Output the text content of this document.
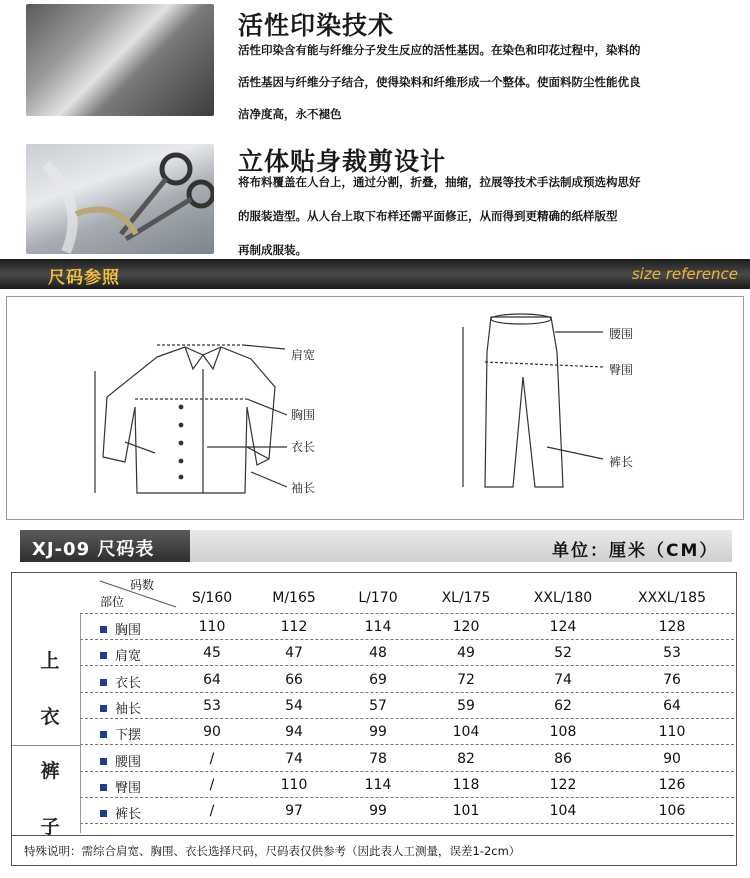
活性印染技术
活性印染含有能与纤维分子发生反应的活性基因。在染色和印花过程中，染料的
活性基因与纤维分子结合，使得染料和纤维形成一个整体。使面料防尘性能优良
洁净度高，永不褪色
立体贴身裁剪设计
将布料覆盖在人台上，通过分割，折叠，抽缩，拉展等技术手法制成预选构思好
的服装造型。从人台上取下布样还需平面修正，从而得到更精确的纸样版型
再制成服装。
尺码参照	size reference
肩宽
胸围
衣长
袖长
腰围
臀围
裤长
XJ-09 尺码表	单位：厘米（CM）
码数
部位	S/160	M/165	L/170	XL/175	XXL/180	XXXL/185
上

衣
裤

子
胸围	110	112	114	120	124	128
肩宽	45	47	48	49	52	53
衣长	64	66	69	72	74	76
袖长	53	54	57	59	62	64
下摆	90	94	99	104	108	110
腰围	/	74	78	82	86	90
臀围	/	110	114	118	122	126
裤长	/	97	99	101	104	106
特殊说明：需综合肩宽、胸围、衣长选择尺码，尺码表仅供参考（因此表人工测量，误差1-2cm）
